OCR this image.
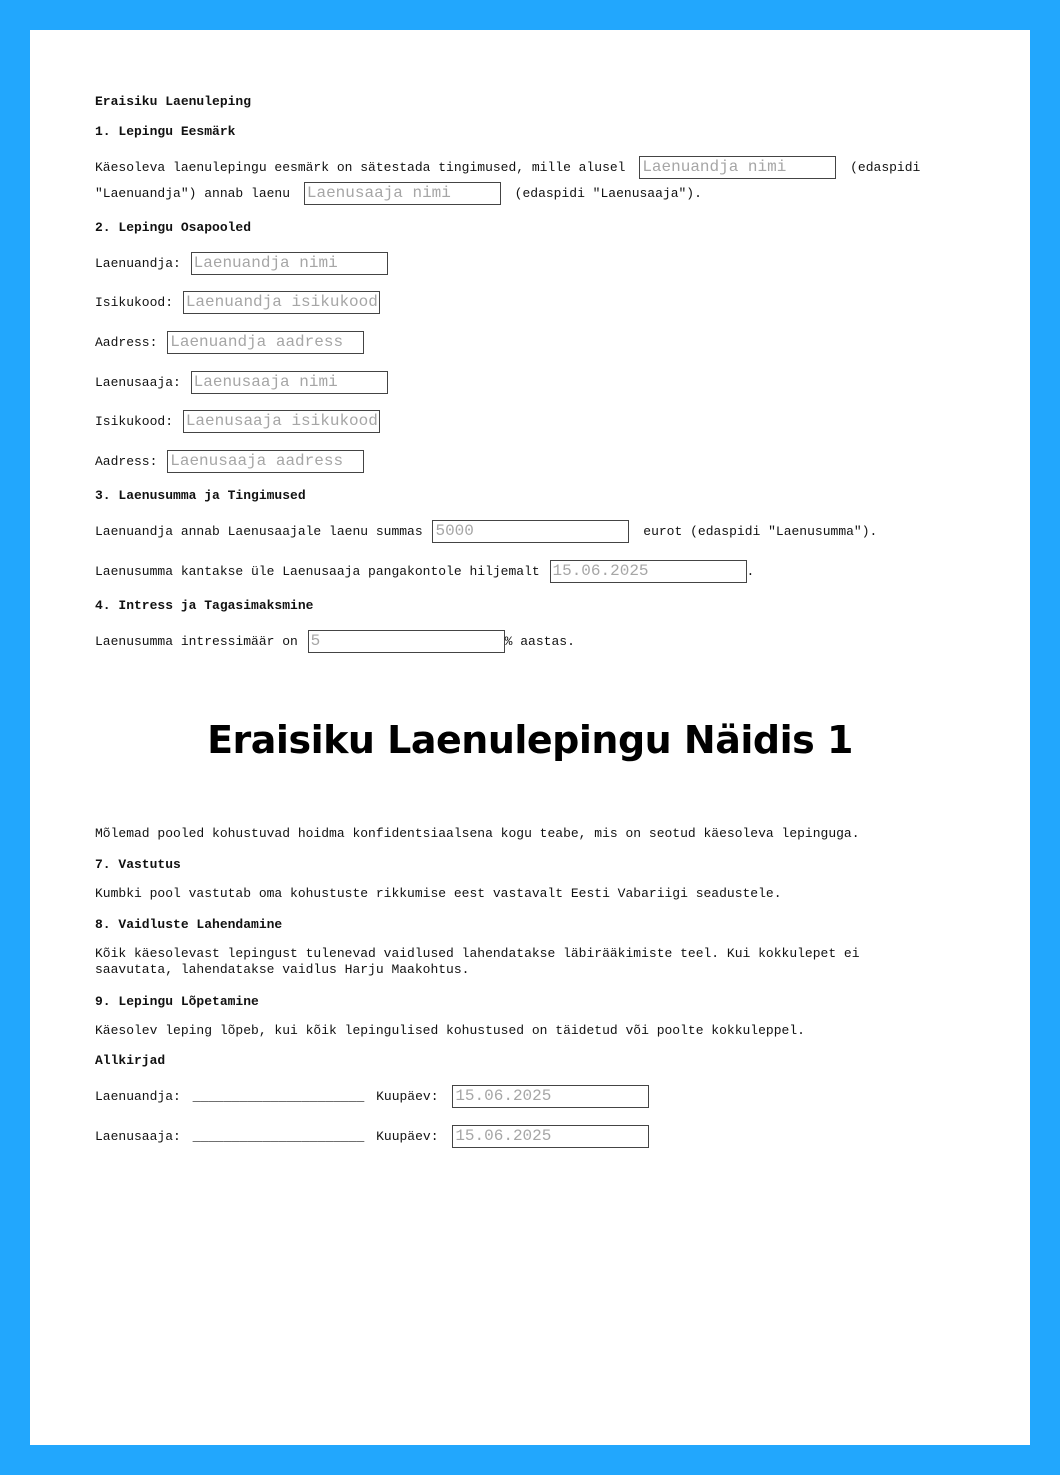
Eraisiku Laenuleping
1. Lepingu Eesmärk
Käesoleva laenulepingu eesmärk on sätestada tingimused, mille alusel Laenuandja nimi	(edaspidi
"Laenuandja") annab laenu Laenusaaja nimi	(edaspidi "Laenusaaja").
2. Lepingu Osapooled
Laenuandja: Laenuandja nimi
Isikukood: Laenuandja isikukood
Aadress: Laenuandja aadress
Laenusaaja: Laenusaaja nimi
Isikukood: Laenusaaja isikukood
Aadress: Laenusaaja aadress
3. Laenusumma ja Tingimused
Laenuandja annab Laenusaajale laenu summas 5000	eurot (edaspidi "Laenusumma").
Laenusumma kantakse üle Laenusaaja pangakontole hiljemalt 15.06.2025	.
4. Intress ja Tagasimaksmine
Laenusumma intressimäär on 5	% aastas.
Mõlemad pooled kohustuvad hoidma konfidentsiaalsena kogu teabe, mis on seotud käesoleva lepinguga.
7. Vastutus
Kumbki pool vastutab oma kohustuste rikkumise eest vastavalt Eesti Vabariigi seadustele.
8. Vaidluste Lahendamine
Kõik käesolevast lepingust tulenevad vaidlused lahendatakse läbirääkimiste teel. Kui kokkulepet ei saavutata, lahendatakse vaidlus Harju Maakohtus.
9. Lepingu Lõpetamine
Käesolev leping lõpeb, kui kõik lepingulised kohustused on täidetud või poolte kokkuleppel.
Allkirjad
Laenuandja: ______________________ Kuupäev: 15.06.2025
Laenusaaja: ______________________ Kuupäev: 15.06.2025
Eraisiku Laenulepingu Näidis 1
